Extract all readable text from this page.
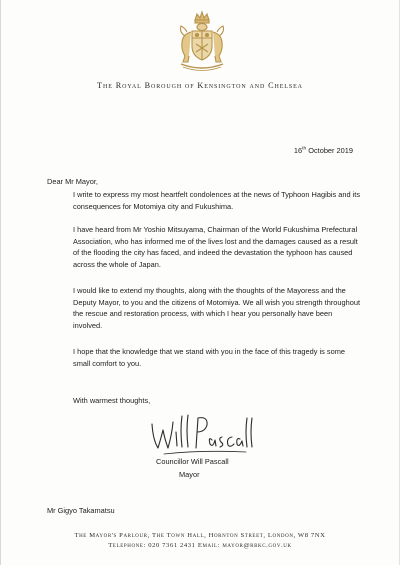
The Royal Borough of Kensington and Chelsea
16th October 2019
Dear Mr Mayor,

I write to express my most heartfelt condolences at the news of Typhoon Hagibis and its consequences for Motomiya city and Fukushima.

I have heard from Mr Yoshio Mitsuyama, Chairman of the World Fukushima Prefectural Association, who has informed me of the lives lost and the damages caused as a result of the flooding the city has faced, and indeed the devastation the typhoon has caused across the whole of Japan.

I would like to extend my thoughts, along with the thoughts of the Mayoress and the Deputy Mayor, to you and the citizens of Motomiya. We all wish you strength throughout the rescue and restoration process, with which I hear you personally have been involved.

I hope that the knowledge that we stand with you in the face of this tragedy is some small comfort to you.

With warmest thoughts,
Councillor Will Pascall
Mayor
Mr Gigyo Takamatsu
The Mayor's Parlour, The Town Hall, Hornton Street, London, W8 7NX
Telephone: 020 7361 2431 Email: mayor@rbkc.gov.uk
